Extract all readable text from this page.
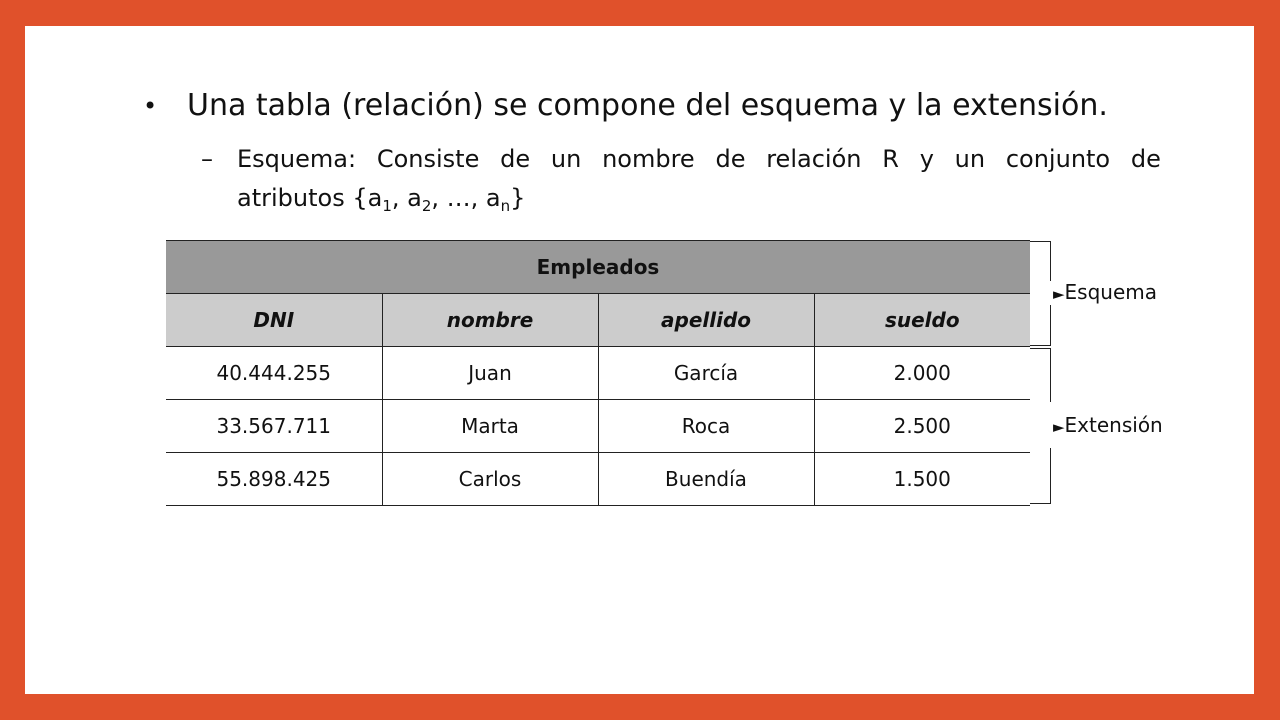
• Una tabla (relación) se compone del esquema y la extensión.
– Esquema: Consiste de un nombre de relación R y un conjunto de
atributos {$a_1$, $a_2$, …, $a_n$}
Empleados			
DNI	nombre	apellido	sueldo
40.444.255	Juan	García	2.000
33.567.711	Marta	Roca	2.500
55.898.425	Carlos	Buendía	1.500
►Esquema
►Extensión
